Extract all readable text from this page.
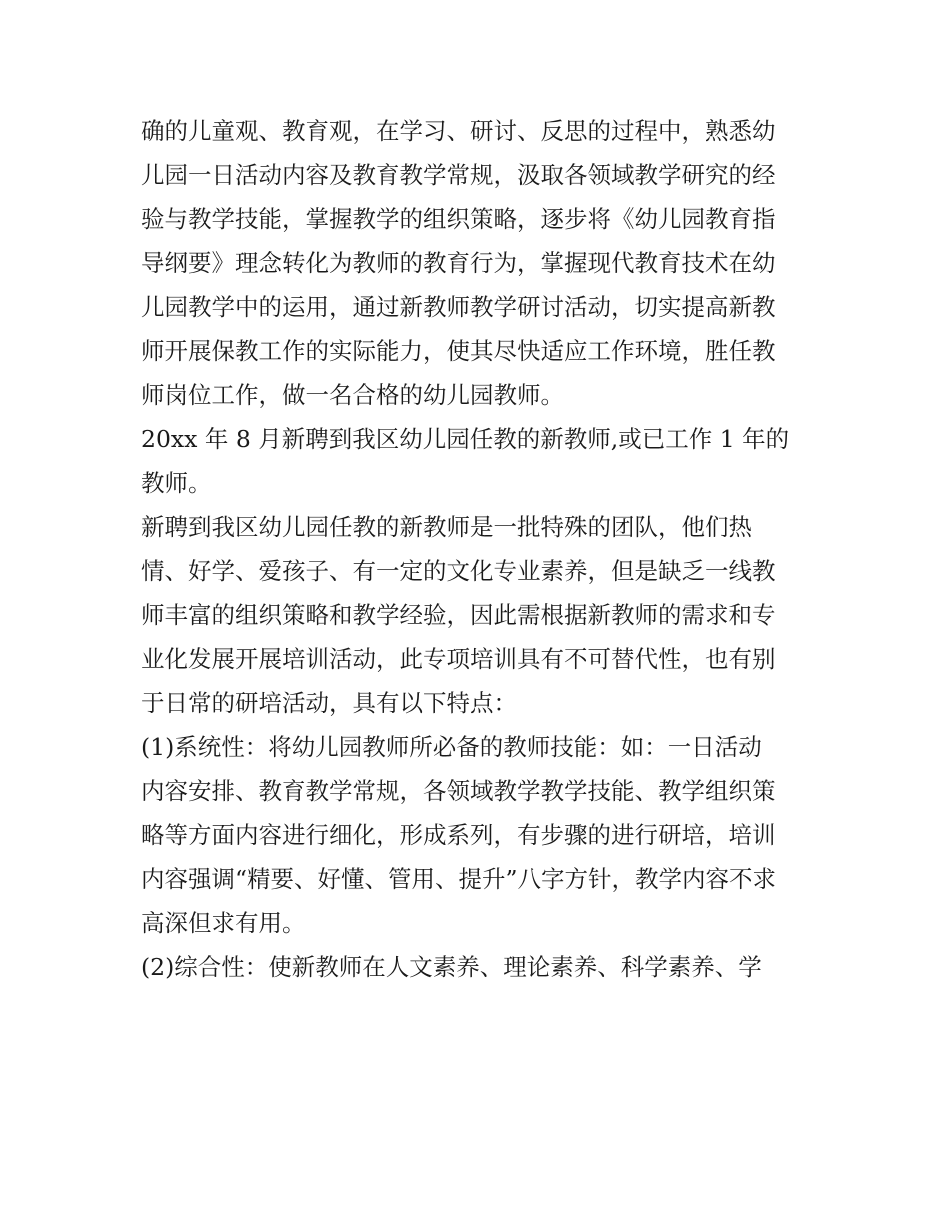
确的儿童观、教育观，在学习、研讨、反思的过程中，熟悉幼
儿园一日活动内容及教育教学常规，汲取各领域教学研究的经
验与教学技能，掌握教学的组织策略，逐步将《幼儿园教育指
导纲要》理念转化为教师的教育行为，掌握现代教育技术在幼
儿园教学中的运用，通过新教师教学研讨活动，切实提高新教
师开展保教工作的实际能力，使其尽快适应工作环境，胜任教
师岗位工作，做一名合格的幼儿园教师。
20xx 年 8 月新聘到我区幼儿园任教的新教师,或已工作 1 年的
教师。
新聘到我区幼儿园任教的新教师是一批特殊的团队，他们热
情、好学、爱孩子、有一定的文化专业素养，但是缺乏一线教
师丰富的组织策略和教学经验，因此需根据新教师的需求和专
业化发展开展培训活动，此专项培训具有不可替代性，也有别
于日常的研培活动，具有以下特点：
(1)系统性：将幼儿园教师所必备的教师技能：如：一日活动
内容安排、教育教学常规，各领域教学教学技能、教学组织策
略等方面内容进行细化，形成系列，有步骤的进行研培，培训
内容强调“精要、好懂、管用、提升”八字方针，教学内容不求
高深但求有用。
(2)综合性：使新教师在人文素养、理论素养、科学素养、学
